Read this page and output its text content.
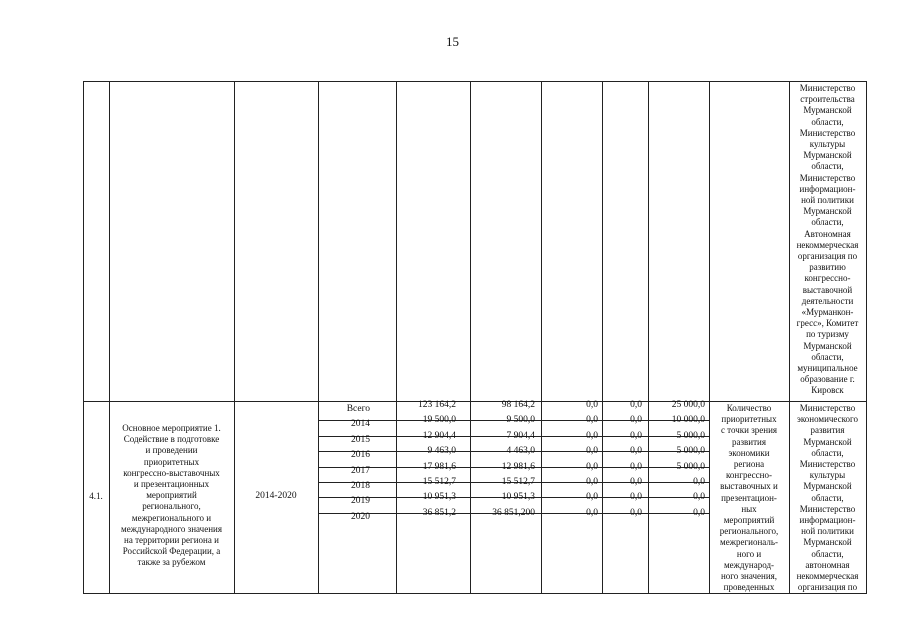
15
Министерство
строительства
Мурманской
области,
Министерство
культуры
Мурманской
области,
Министерство
информацион-
ной политики
Мурманской
области,
Автономная
некоммерческая
организация по
развитию
конгрессно-
выставочной
деятельности
«Мурманкон-
гресс», Комитет
по туризму
Мурманской
области,
муниципальное
образование г.
Кировск
4.1.
Основное мероприятие 1.
Содействие в подготовке
и проведении
приоритетных
конгрессно-выставочных
и презентационных
мероприятий
регионального,
межрегионального и
международного значения
на территории региона и
Российской Федерации, а
также за рубежом
2014-2020
Всего
2014
2015
2016
2017
2018
2019
2020
123 164,2
19 500,0
12 904,4
9 463,0
17 981,6
15 512,7
10 951,3
36 851,2
98 164,2
9 500,0
7 904,4
4 463,0
12 981,6
15 512,7
10 951,3
36 851,200
0,0
0,0
0,0
0,0
0,0
0,0
0,0
0,0
0,0
0,0
0,0
0,0
0,0
0,0
0,0
0,0
25 000,0
10 000,0
5 000,0
5 000,0
5 000,0
0,0
0,0
0,0
Количество
приоритетных
с точки зрения
развития
экономики
региона
конгрессно-
выставочных и
презентацион-
ных
мероприятий
регионального,
межрегиональ-
ного и
международ-
ного значения,
проведенных
Министерство
экономического
развития
Мурманской
области,
Министерство
культуры
Мурманской
области,
Министерство
информацион-
ной политики
Мурманской
области,
автономная
некоммерческая
организация по
